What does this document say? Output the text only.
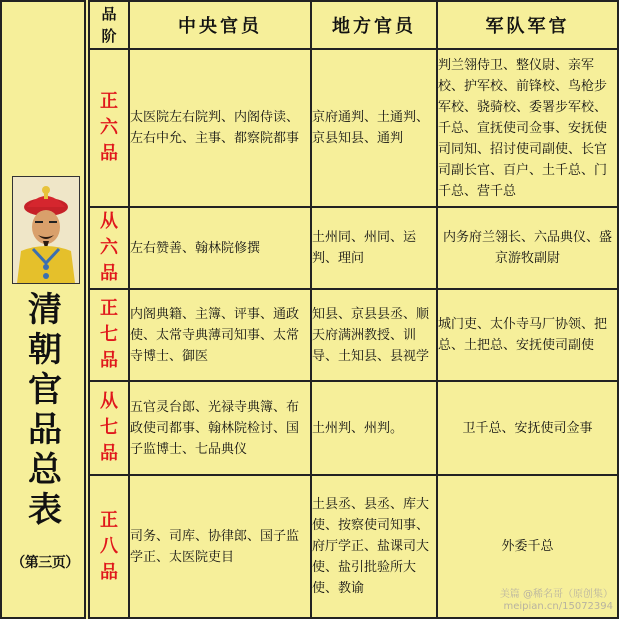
清
朝
官
品
总
表
（第三页）
品
阶	中央官员	地方官员	军队军官

正
六
品	太医院左右院判、内阁侍读、左右中允、主事、都察院都事	京府通判、土通判、京县知县、通判	判兰翎侍卫、整仪尉、亲军校、护军校、前锋校、鸟枪步军校、骁骑校、委署步军校、千总、宣抚使司佥事、安抚使司同知、招讨使司副使、长官司副长官、百户、土千总、门千总、营千总

从
六
品	左右赞善、翰林院修撰	土州同、州同、运判、理问	内务府兰翎长、六品典仪、盛京游牧副尉

正
七
品	内阁典籍、主簿、评事、通政使、太常寺典薄司知事、太常寺博士、御医	知县、京县县丞、顺天府满洲教授、训导、土知县、县视学	城门吏、太仆寺马厂协领、把总、土把总、安抚使司副使

从
七
品	五官灵台郎、光禄寺典簿、布政使司都事、翰林院检讨、国子监博士、七品典仪	土州判、州判。	卫千总、安抚使司佥事

正
八
品	司务、司库、协律郎、国子监学正、太医院吏目	土县丞、县丞、库大使、按察使司知事、府厅学正、盐课司大使、盐引批验所大使、教谕	外委千总
美篇 @稀名哥（原创集）
meipian.cn/15072394
